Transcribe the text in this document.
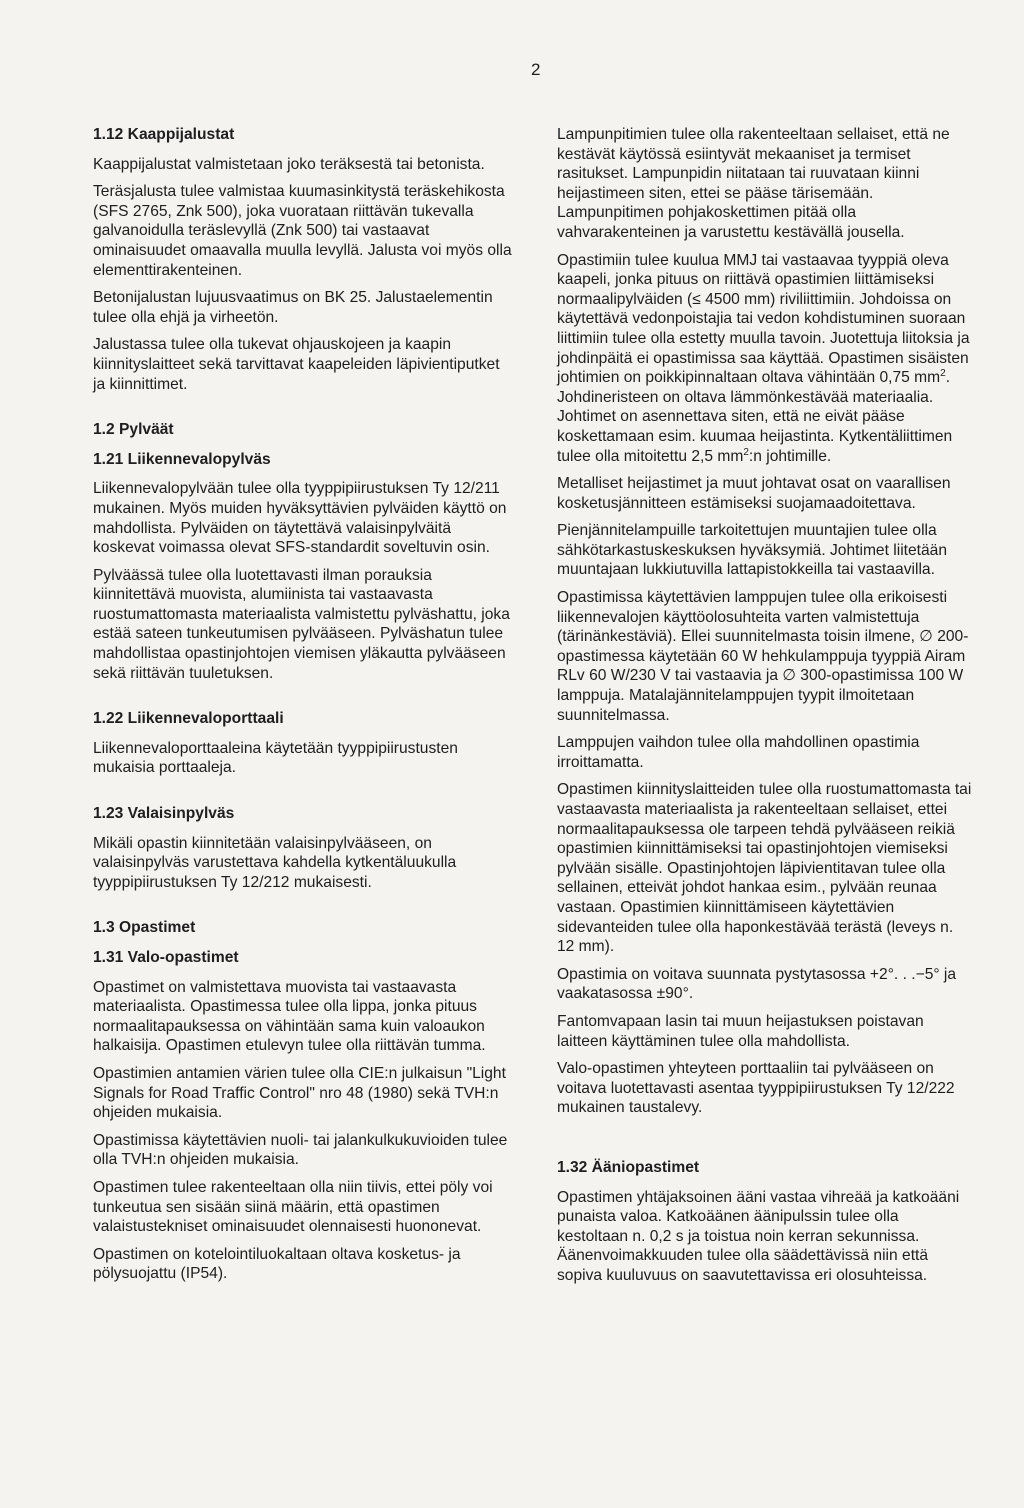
2
1.12 Kaappijalustat

Kaappijalustat valmistetaan joko teräksestä tai betonista.

Teräsjalusta tulee valmistaa kuumasinkitystä teräskehikosta (SFS 2765, Znk 500), joka vuorataan riittävän tukevalla galvanoidulla teräslevyllä (Znk 500) tai vastaavat ominaisuudet omaavalla muulla levyllä. Jalusta voi myös olla elementtirakenteinen.

Betonijalustan lujuusvaatimus on BK 25. Jalustaelementin tulee olla ehjä ja virheetön.

Jalustassa tulee olla tukevat ohjauskojeen ja kaapin kiinnityslaitteet sekä tarvittavat kaapeleiden läpivientiputket ja kiinnittimet.

1.2 Pylväät
1.21 Liikennevalopylväs

Liikennevalopylvään tulee olla tyyppipiirustuksen Ty 12/211 mukainen. Myös muiden hyväksyttävien pylväiden käyttö on mahdollista. Pylväiden on täytettävä valaisinpylväitä koskevat voimassa olevat SFS-standardit soveltuvin osin.

Pylväässä tulee olla luotettavasti ilman porauksia kiinnitettävä muovista, alumiinista tai vastaavasta ruostumattomasta materiaalista valmistettu pylväshattu, joka estää sateen tunkeutumisen pylvääseen. Pylväshatun tulee mahdollistaa opastinjohtojen viemisen yläkautta pylvääseen sekä riittävän tuuletuksen.

1.22 Liikennevaloporttaali

Liikennevaloporttaaleina käytetään tyyppipiirustusten mukaisia porttaaleja.

1.23 Valaisinpylväs

Mikäli opastin kiinnitetään valaisinpylvääseen, on valaisinpylväs varustettava kahdella kytkentäluukulla tyyppipiirustuksen Ty 12/212 mukaisesti.

1.3 Opastimet
1.31 Valo-opastimet

Opastimet on valmistettava muovista tai vastaavasta materiaalista. Opastimessa tulee olla lippa, jonka pituus normaalitapauksessa on vähintään sama kuin valoaukon halkaisija. Opastimen etulevyn tulee olla riittävän tumma.

Opastimien antamien värien tulee olla CIE:n julkaisun "Light Signals for Road Traffic Control" nro 48 (1980) sekä TVH:n ohjeiden mukaisia.

Opastimissa käytettävien nuoli- tai jalankulkukuvioiden tulee olla TVH:n ohjeiden mukaisia.

Opastimen tulee rakenteeltaan olla niin tiivis, ettei pöly voi tunkeutua sen sisään siinä määrin, että opastimen valaistustekniset ominaisuudet olennaisesti huononevat.

Opastimen on kotelointiluokaltaan oltava kosketus- ja pölysuojattu (IP54).

Lampunpitimien tulee olla rakenteeltaan sellaiset, että ne kestävät käytössä esiintyvät mekaaniset ja termiset rasitukset. Lampunpidin niitataan tai ruuvataan kiinni heijastimeen siten, ettei se pääse tärisemään. Lampunpitimen pohjakoskettimen pitää olla vahvarakenteinen ja varustettu kestävällä jousella.

Opastimiin tulee kuulua MMJ tai vastaavaa tyyppiä oleva kaapeli, jonka pituus on riittävä opastimien liittämiseksi normaalipylväiden (≤ 4500 mm) riviliittimiin. Johdoissa on käytettävä vedonpoistajia tai vedon kohdistuminen suoraan liittimiin tulee olla estetty muulla tavoin. Juotettuja liitoksia ja johdinpäitä ei opastimissa saa käyttää. Opastimen sisäisten johtimien on poikkipinnaltaan oltava vähintään 0,75 $mm^2$. Johdineristeen on oltava lämmönkestävää materiaalia. Johtimet on asennettava siten, että ne eivät pääse koskettamaan esim. kuumaa heijastinta. Kytkentäliittimen tulee olla mitoitettu 2,5 $mm^2:n$ johtimille.

Metalliset heijastimet ja muut johtavat osat on vaarallisen kosketusjännitteen estämiseksi suojamaadoitettava.

Pienjännitelampuille tarkoitettujen muuntajien tulee olla sähkötarkastuskeskuksen hyväksymiä. Johtimet liitetään muuntajaan lukkiutuvilla lattapistokkeilla tai vastaavilla.

Opastimissa käytettävien lamppujen tulee olla erikoisesti liikennevalojen käyttöolosuhteita varten valmistettuja (tärinänkestäviä). Ellei suunnitelmasta toisin ilmene, ∅ 200-opastimessa käytetään 60 W hehkulamppuja tyyppiä Airam RLv 60 W/230 V tai vastaavia ja ∅ 300-opastimissa 100 W lamppuja. Matalajännitelamppujen tyypit ilmoitetaan suunnitelmassa.

Lamppujen vaihdon tulee olla mahdollinen opastimia irroittamatta.

Opastimen kiinnityslaitteiden tulee olla ruostumattomasta tai vastaavasta materiaalista ja rakenteeltaan sellaiset, ettei normaalitapauksessa ole tarpeen tehdä pylvääseen reikiä opastimien kiinnittämiseksi tai opastinjohtojen viemiseksi pylvään sisälle. Opastinjohtojen läpivientitavan tulee olla sellainen, etteivät johdot hankaa esim., pylvään reunaa vastaan. Opastimien kiinnittämiseen käytettävien sidevanteiden tulee olla haponkestävää terästä (leveys n. 12 mm).

Opastimia on voitava suunnata pystytasossa +2°. . .−5° ja vaakatasossa ±90°.

Fantomvapaan lasin tai muun heijastuksen poistavan laitteen käyttäminen tulee olla mahdollista.

Valo-opastimen yhteyteen porttaaliin tai pylvääseen on voitava luotettavasti asentaa tyyppipiirustuksen Ty 12/222 mukainen taustalevy.

1.32 Ääniopastimet

Opastimen yhtäjaksoinen ääni vastaa vihreää ja katkoääni punaista valoa. Katkoäänen äänipulssin tulee olla kestoltaan n. 0,2 s ja toistua noin kerran sekunnissa. Äänenvoimakkuuden tulee olla säädettävissä niin että sopiva kuuluvuus on saavutettavissa eri olosuhteissa.
